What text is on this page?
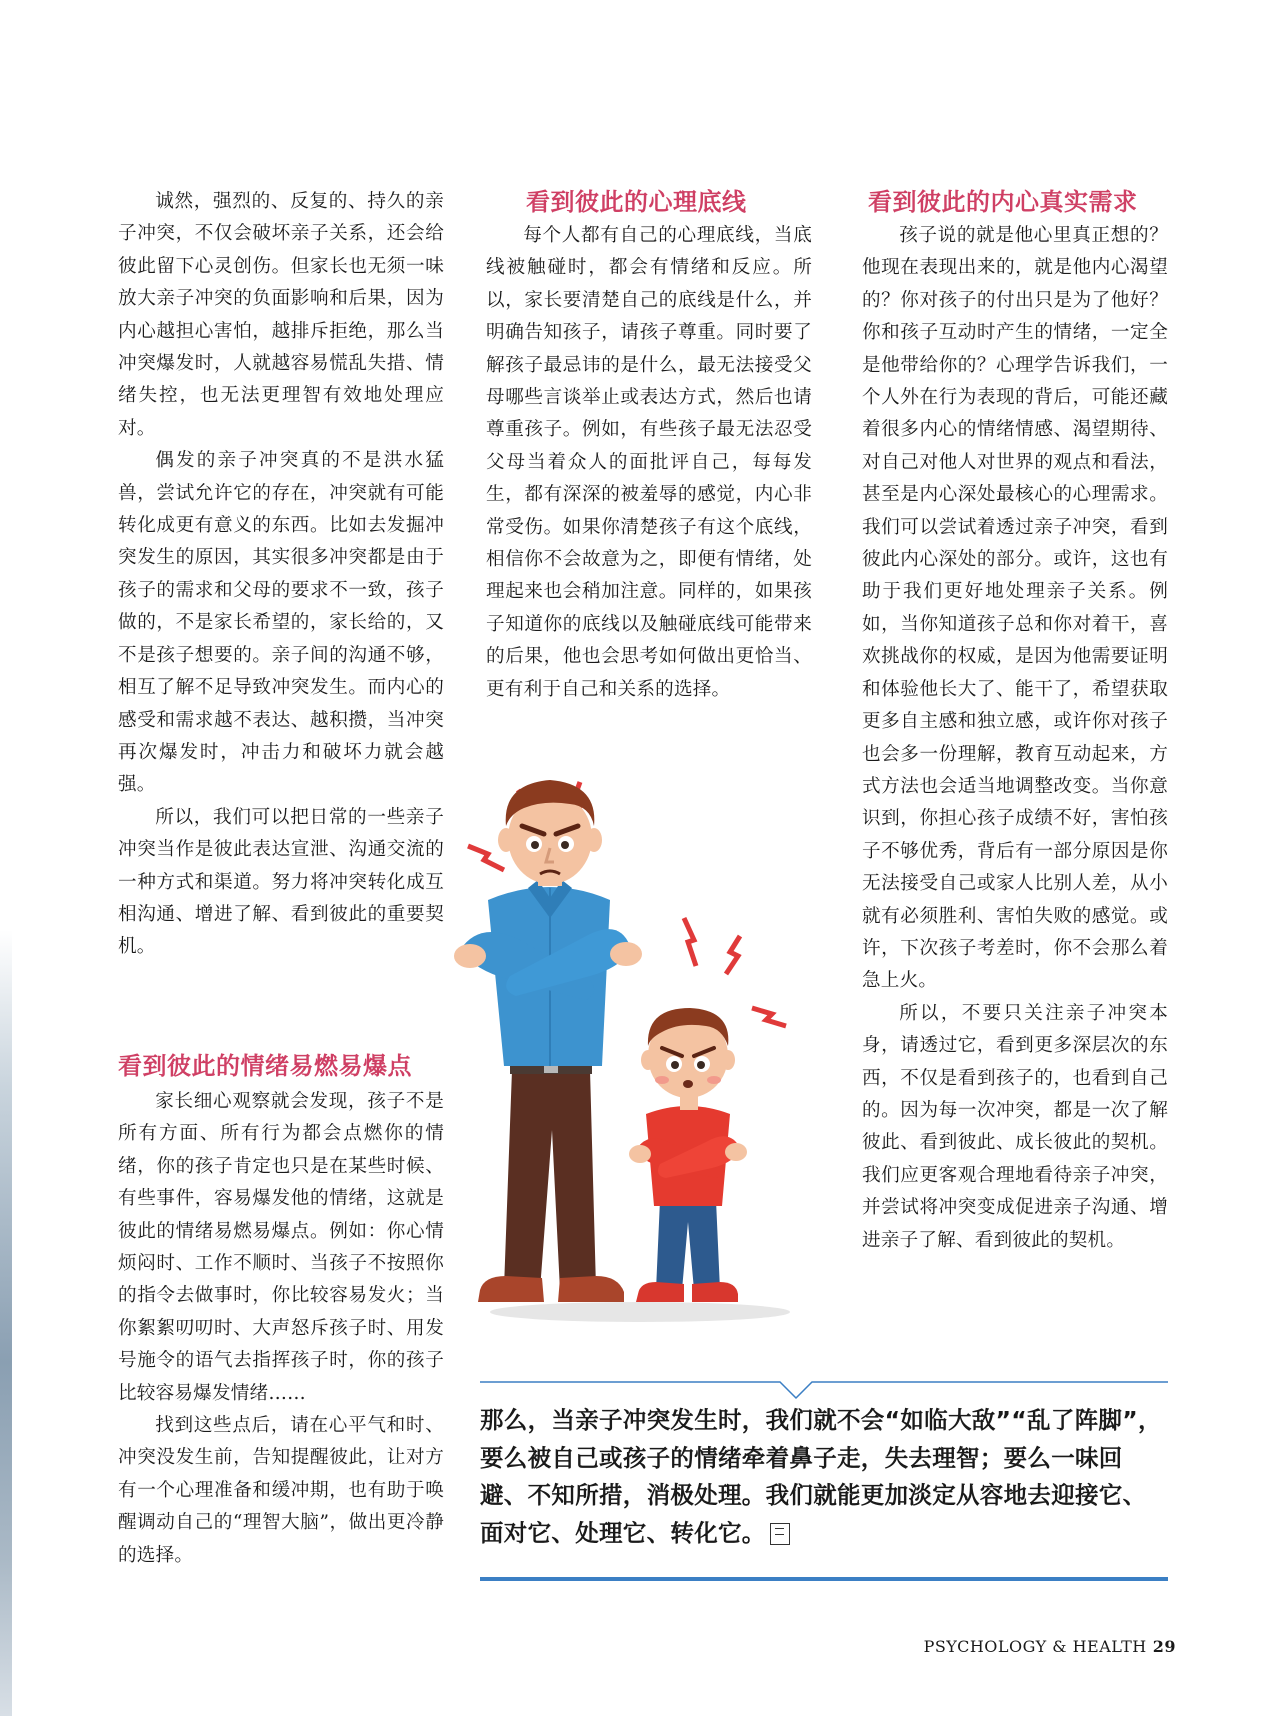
诚然，强烈的、反复的、持久的亲子冲突，不仅会破坏亲子关系，还会给彼此留下心灵创伤。但家长也无须一味放大亲子冲突的负面影响和后果，因为内心越担心害怕，越排斥拒绝，那么当冲突爆发时，人就越容易慌乱失措、情绪失控，也无法更理智有效地处理应对。

偶发的亲子冲突真的不是洪水猛兽，尝试允许它的存在，冲突就有可能转化成更有意义的东西。比如去发掘冲突发生的原因，其实很多冲突都是由于孩子的需求和父母的要求不一致，孩子做的，不是家长希望的，家长给的，又不是孩子想要的。亲子间的沟通不够，相互了解不足导致冲突发生。而内心的感受和需求越不表达、越积攒，当冲突再次爆发时，冲击力和破坏力就会越强。

所以，我们可以把日常的一些亲子冲突当作是彼此表达宣泄、沟通交流的一种方式和渠道。努力将冲突转化成互相沟通、增进了解、看到彼此的重要契机。

看到彼此的情绪易燃易爆点

家长细心观察就会发现，孩子不是所有方面、所有行为都会点燃你的情绪，你的孩子肯定也只是在某些时候、有些事件，容易爆发他的情绪，这就是彼此的情绪易燃易爆点。例如：你心情烦闷时、工作不顺时、当孩子不按照你的指令去做事时，你比较容易发火；当你絮絮叨叨时、大声怒斥孩子时、用发号施令的语气去指挥孩子时，你的孩子比较容易爆发情绪……

找到这些点后，请在心平气和时、冲突没发生前，告知提醒彼此，让对方有一个心理准备和缓冲期，也有助于唤醒调动自己的“理智大脑”，做出更冷静的选择。

看到彼此的心理底线

每个人都有自己的心理底线，当底线被触碰时，都会有情绪和反应。所以，家长要清楚自己的底线是什么，并明确告知孩子，请孩子尊重。同时要了解孩子最忌讳的是什么，最无法接受父母哪些言谈举止或表达方式，然后也请尊重孩子。例如，有些孩子最无法忍受父母当着众人的面批评自己，每每发生，都有深深的被羞辱的感觉，内心非常受伤。如果你清楚孩子有这个底线，相信你不会故意为之，即便有情绪，处理起来也会稍加注意。同样的，如果孩子知道你的底线以及触碰底线可能带来的后果，他也会思考如何做出更恰当、更有利于自己和关系的选择。

看到彼此的内心真实需求

孩子说的就是他心里真正想的？他现在表现出来的，就是他内心渴望的？你对孩子的付出只是为了他好？你和孩子互动时产生的情绪，一定全是他带给你的？心理学告诉我们，一个人外在行为表现的背后，可能还藏着很多内心的情绪情感、渴望期待、对自己对他人对世界的观点和看法，甚至是内心深处最核心的心理需求。我们可以尝试着透过亲子冲突，看到彼此内心深处的部分。或许，这也有助于我们更好地处理亲子关系。例如，当你知道孩子总和你对着干，喜欢挑战你的权威，是因为他需要证明和体验他长大了、能干了，希望获取更多自主感和独立感，或许你对孩子也会多一份理解，教育互动起来，方式方法也会适当地调整改变。当你意识到，你担心孩子成绩不好，害怕孩子不够优秀，背后有一部分原因是你无法接受自己或家人比别人差，从小就有必须胜利、害怕失败的感觉。或许，下次孩子考差时，你不会那么着急上火。

所以，不要只关注亲子冲突本身，请透过它，看到更多深层次的东西，不仅是看到孩子的，也看到自己的。因为每一次冲突，都是一次了解彼此、看到彼此、成长彼此的契机。我们应更客观合理地看待亲子冲突，并尝试将冲突变成促进亲子沟通、增进亲子了解、看到彼此的契机。

那么，当亲子冲突发生时，我们就不会“如临大敌”“乱了阵脚”，要么被自己或孩子的情绪牵着鼻子走，失去理智；要么一味回避、不知所措，消极处理。我们就能更加淡定从容地去迎接它、面对它、处理它、转化它。
PSYCHOLOGY & HEALTH 29
